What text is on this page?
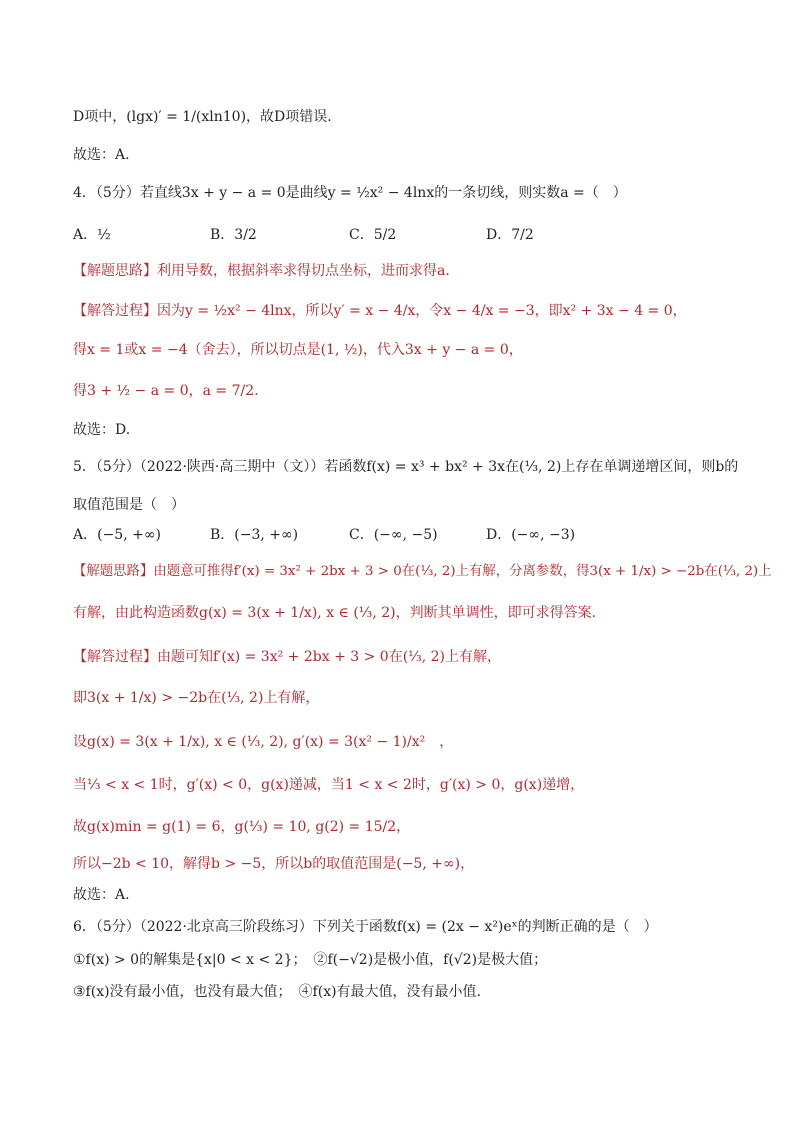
D项中，(lgx)′ = 1/(xln10)，故D项错误.
故选：A.
4．（5分）若直线3x + y − a = 0是曲线y = ½x² − 4lnx的一条切线，则实数a =（　）
A．½	B．3/2	C．5/2	D．7/2
【解题思路】利用导数，根据斜率求得切点坐标，进而求得a.
【解答过程】因为y = ½x² − 4lnx，所以y′ = x − 4/x，令x − 4/x = −3，即x² + 3x − 4 = 0，
得x = 1或x = −4（舍去），所以切点是(1, ½)，代入3x + y − a = 0，
得3 + ½ − a = 0，a = 7/2.
故选：D.
5．（5分）（2022·陕西·高三期中（文））若函数f(x) = x³ + bx² + 3x在(⅓, 2)上存在单调递增区间，则b的
取值范围是（　）
A．(−5, +∞)	B．(−3, +∞)	C．(−∞, −5)	D．(−∞, −3)
【解题思路】由题意可推得f′(x) = 3x² + 2bx + 3 > 0在(⅓, 2)上有解，分离参数，得3(x + 1/x) > −2b在(⅓, 2)上
有解，由此构造函数g(x) = 3(x + 1/x), x ∈ (⅓, 2)，判断其单调性，即可求得答案.
【解答过程】由题可知f′(x) = 3x² + 2bx + 3 > 0在(⅓, 2)上有解，
即3(x + 1/x) > −2b在(⅓, 2)上有解，
设g(x) = 3(x + 1/x), x ∈ (⅓, 2), g′(x) = 3(x² − 1)/x²　，
当⅓ < x < 1时，g′(x) < 0，g(x)递减，当1 < x < 2时，g′(x) > 0，g(x)递增，
故g(x)min = g(1) = 6，g(⅓) = 10, g(2) = 15/2，
所以−2b < 10，解得b > −5，所以b的取值范围是(−5, +∞)，
故选：A.
6．（5分）（2022·北京高三阶段练习）下列关于函数f(x) = (2x − x²)eˣ的判断正确的是（　）
①f(x) > 0的解集是{x|0 < x < 2}；　②f(−√2)是极小值，f(√2)是极大值；
③f(x)没有最小值，也没有最大值；　④f(x)有最大值，没有最小值.
